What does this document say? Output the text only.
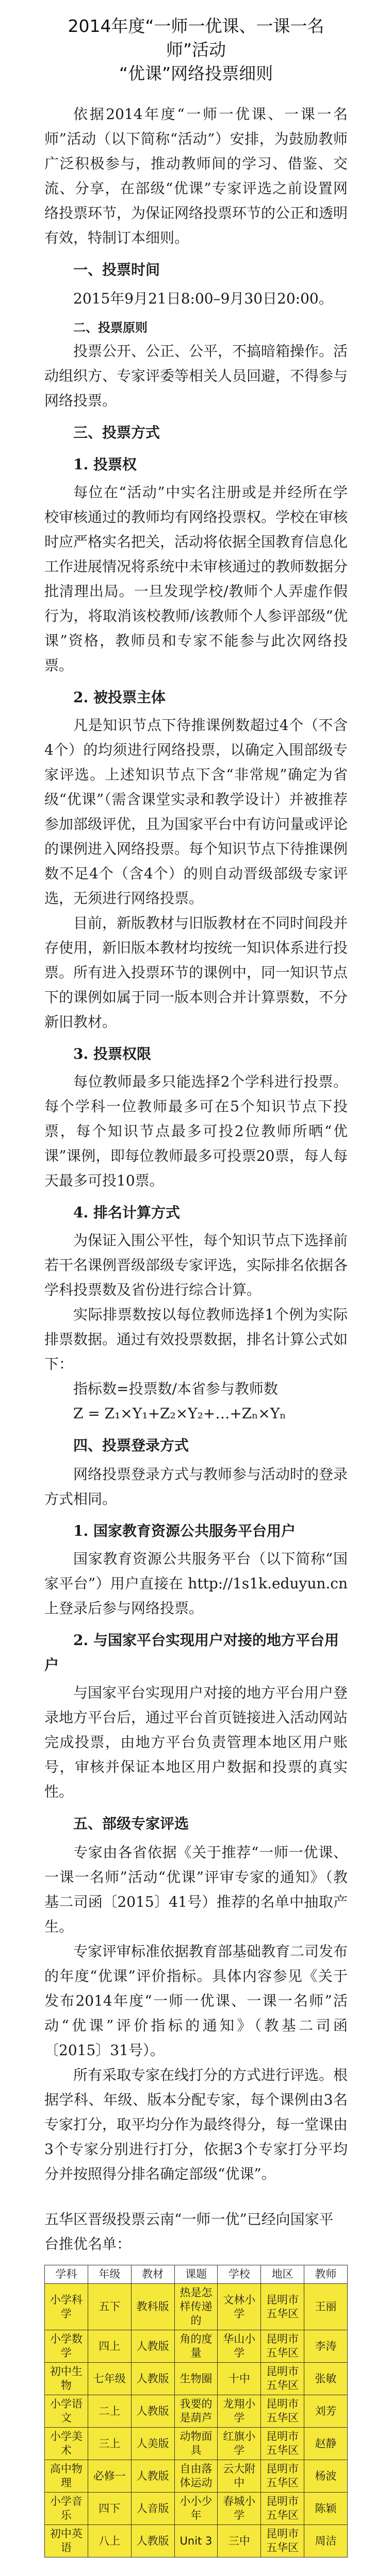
2014年度“一师一优课、一课一名
师”活动
“优课”网络投票细则

依据2014年度“一师一优课、一课一名师”活动（以下简称“活动”）安排，为鼓励教师广泛积极参与，推动教师间的学习、借鉴、交流、分享，在部级“优课”专家评选之前设置网络投票环节，为保证网络投票环节的公正和透明有效，特制订本细则。

一、投票时间

2015年9月21日8:00–9月30日20:00。

二、投票原则

投票公开、公正、公平，不搞暗箱操作。活动组织方、专家评委等相关人员回避，不得参与网络投票。

三、投票方式
1. 投票权

每位在“活动”中实名注册或是并经所在学校审核通过的教师均有网络投票权。学校在审核时应严格实名把关，活动将依据全国教育信息化工作进展情况将系统中未审核通过的教师数据分批清理出局。一旦发现学校/教师个人弄虚作假行为，将取消该校教师/该教师个人参评部级“优课”资格，教师员和专家不能参与此次网络投票。

2. 被投票主体

凡是知识节点下待推课例数超过4个（不含4个）的均须进行网络投票，以确定入围部级专家评选。上述知识节点下含“非常规”确定为省级“优课”（需含课堂实录和教学设计）并被推荐参加部级评优，且为国家平台中有访问量或评论的课例进入网络投票。每个知识节点下待推课例数不足4个（含4个）的则自动晋级部级专家评选，无须进行网络投票。

目前，新版教材与旧版教材在不同时间段并存使用，新旧版本教材均按统一知识体系进行投票。所有进入投票环节的课例中，同一知识节点下的课例如属于同一版本则合并计算票数，不分新旧教材。

3. 投票权限

每位教师最多只能选择2个学科进行投票。每个学科一位教师最多可在5个知识节点下投票，每个知识节点最多可投2位教师所晒“优课”课例，即每位教师最多可投票20票，每人每天最多可投10票。

4. 排名计算方式

为保证入围公平性，每个知识节点下选择前若干名课例晋级部级专家评选，实际排名依据各学科投票数及省份进行综合计算。

实际排票数按以每位教师选择1个例为实际排票数据。通过有效投票数据，排名计算公式如下：

指标数=投票数/本省参与教师数

Z = Z₁×Y₁+Z₂×Y₂+…+Zₙ×Yₙ

四、投票登录方式

网络投票登录方式与教师参与活动时的登录方式相同。

1. 国家教育资源公共服务平台用户

国家教育资源公共服务平台（以下简称“国家平台”）用户直接在 http://1s1k.eduyun.cn 上登录后参与网络投票。

2. 与国家平台实现用户对接的地方平台用户

与国家平台实现用户对接的地方平台用户登录地方平台后，通过平台首页链接进入活动网站完成投票，由地方平台负责管理本地区用户账号，审核并保证本地区用户数据和投票的真实性。

五、部级专家评选

专家由各省依据《关于推荐“一师一优课、一课一名师”活动“优课”评审专家的通知》（教基二司函〔2015〕41号）推荐的名单中抽取产生。

专家评审标准依据教育部基础教育二司发布的年度“优课”评价指标。具体内容参见《关于发布2014年度“一师一优课、一课一名师”活动“优课”评价指标的通知》（教基二司函〔2015〕31号）。

所有采取专家在线打分的方式进行评选。根据学科、年级、版本分配专家，每个课例由3名专家打分，取平均分作为最终得分，每一堂课由3个专家分别进行打分，依据3个专家打分平均分并按照得分排名确定部级“优课”。

五华区晋级投票云南“一师一优”已经向国家平台推优名单：

学科	年级	教材	课题	学校	地区	教师
小学科学	五下	教科版	热是怎样传递的	文林小学	昆明市五华区	王丽
小学数学	四上	人教版	角的度量	华山小学	昆明市五华区	李涛
初中生物	七年级	人教版	生物圈	十中	昆明市五华区	张敏
小学语文	二上	人教版	我要的是葫芦	龙翔小学	昆明市五华区	刘芳
小学美术	三上	人美版	动物面具	红旗小学	昆明市五华区	赵静
高中物理	必修一	人教版	自由落体运动	云大附中	昆明市五华区	杨波
小学音乐	四下	人音版	小小少年	春城小学	昆明市五华区	陈颖
初中英语	八上	人教版	Unit 3	三中	昆明市五华区	周洁
